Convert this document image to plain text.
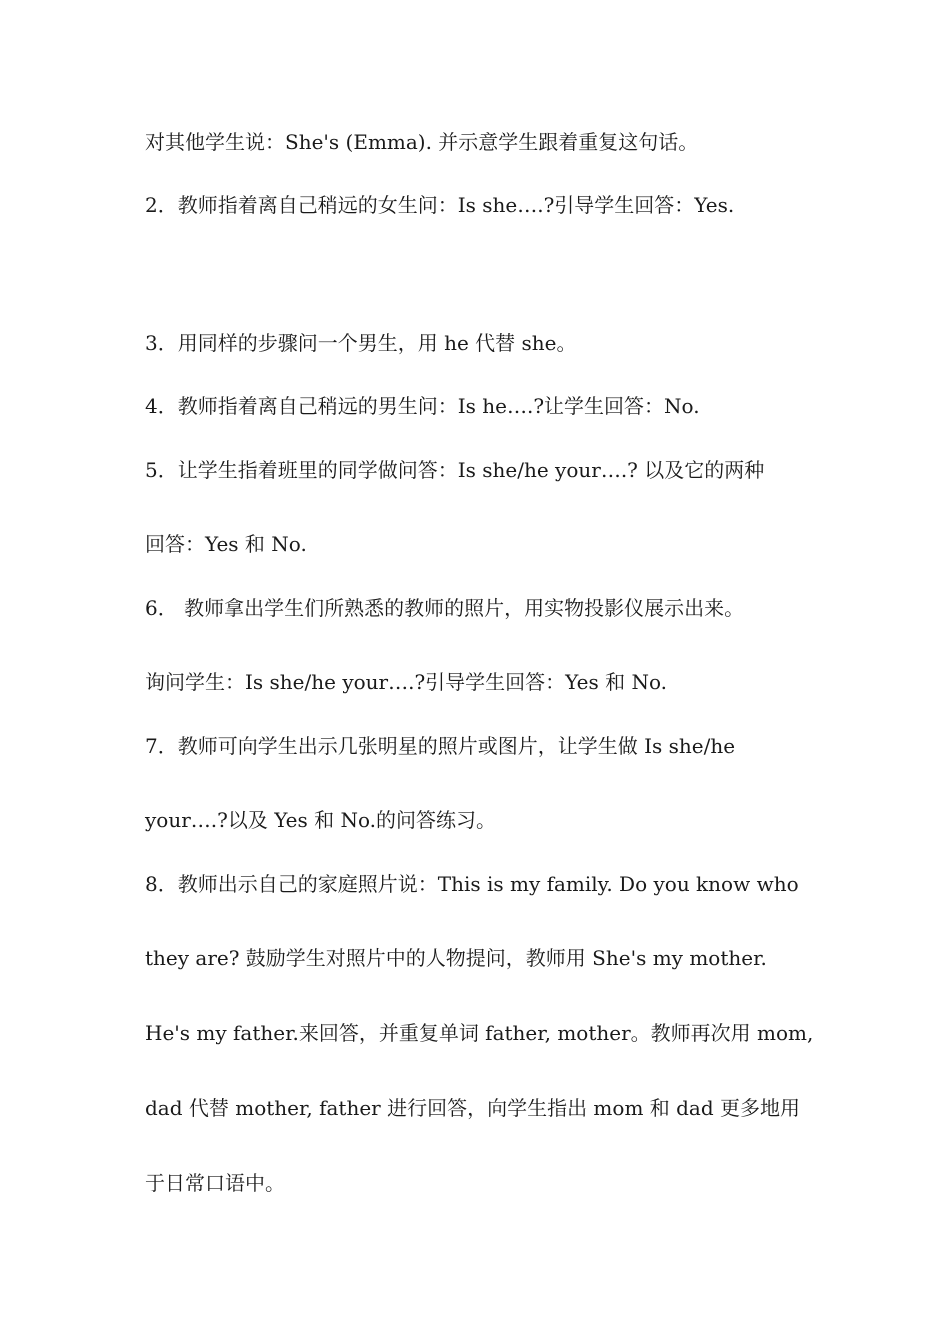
对其他学生说：She's (Emma). 并示意学生跟着重复这句话。
2．教师指着离自己稍远的女生问：Is she….?引导学生回答：Yes.
3．用同样的步骤问一个男生，用 he 代替 she。
4．教师指着离自己稍远的男生问：Is he….?让学生回答：No.
5．让学生指着班里的同学做问答：Is she/he your….? 以及它的两种
回答：Yes 和 No.
6． 教师拿出学生们所熟悉的教师的照片，用实物投影仪展示出来。
询问学生：Is she/he your….?引导学生回答：Yes 和 No.
7．教师可向学生出示几张明星的照片或图片，让学生做 Is she/he
your….?以及 Yes 和 No.的问答练习。
8．教师出示自己的家庭照片说：This is my family. Do you know who
they are? 鼓励学生对照片中的人物提问，教师用 She's my mother.
He's my father.来回答，并重复单词 father, mother。教师再次用 mom,
dad 代替 mother, father 进行回答，向学生指出 mom 和 dad 更多地用
于日常口语中。
